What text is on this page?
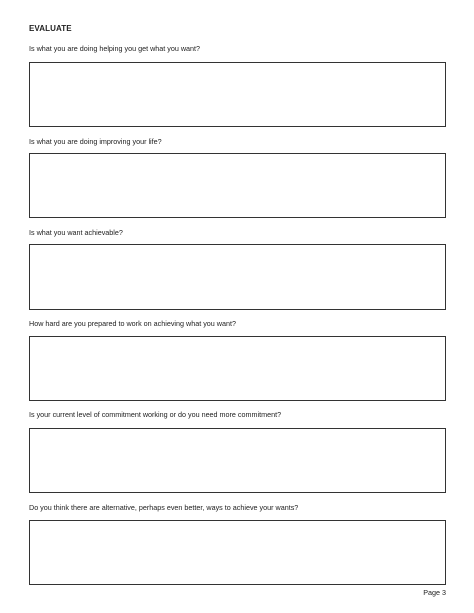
EVALUATE
Is what you are doing helping you get what you want?
Is what you are doing improving your life?
Is what you want achievable?
How hard are you prepared to work on achieving what you want?
Is your current level of commitment working or do you need more commitment?
Do you think there are alternative, perhaps even better, ways to achieve your wants?
Page 3
